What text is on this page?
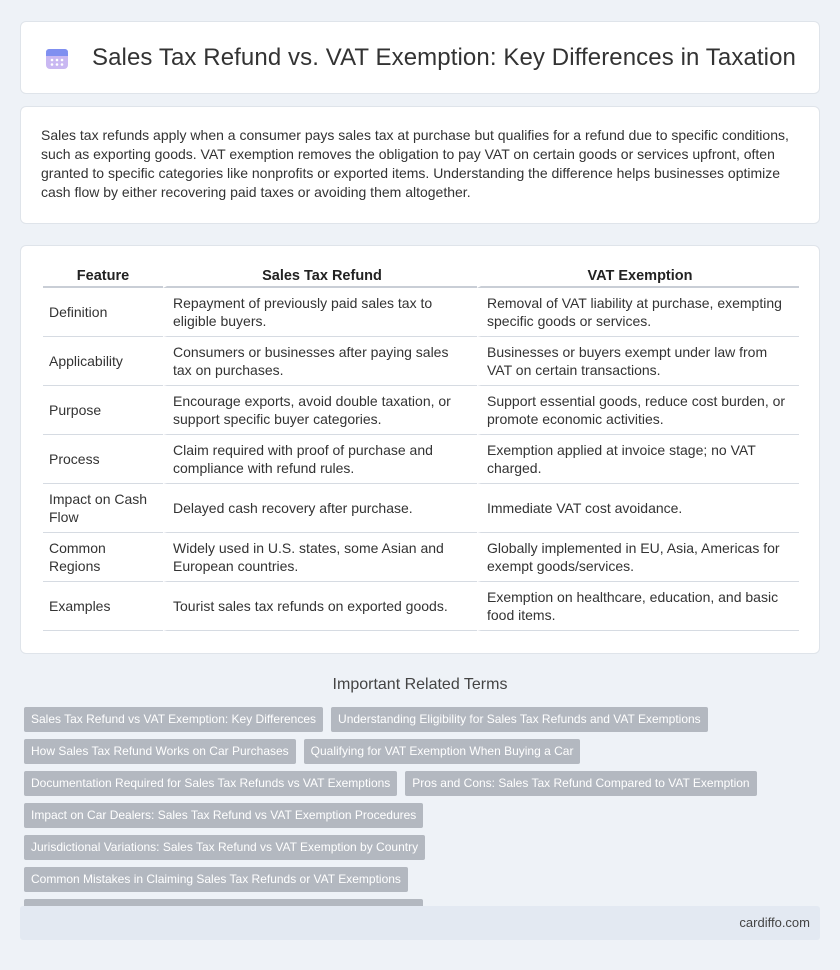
Sales Tax Refund vs. VAT Exemption: Key Differences in Taxation

Sales tax refunds apply when a consumer pays sales tax at purchase but qualifies for a refund due to specific conditions, such as exporting goods. VAT exemption removes the obligation to pay VAT on certain goods or services upfront, often granted to specific categories like nonprofits or exported items. Understanding the difference helps businesses optimize cash flow by either recovering paid taxes or avoiding them altogether.

Feature	Sales Tax Refund	VAT Exemption
Definition	Repayment of previously paid sales tax to eligible buyers.	Removal of VAT liability at purchase, exempting specific goods or services.
Applicability	Consumers or businesses after paying sales tax on purchases.	Businesses or buyers exempt under law from VAT on certain transactions.
Purpose	Encourage exports, avoid double taxation, or support specific buyer categories.	Support essential goods, reduce cost burden, or promote economic activities.
Process	Claim required with proof of purchase and compliance with refund rules.	Exemption applied at invoice stage; no VAT charged.
Impact on Cash Flow	Delayed cash recovery after purchase.	Immediate VAT cost avoidance.
Common Regions	Widely used in U.S. states, some Asian and European countries.	Globally implemented in EU, Asia, Americas for exempt goods/services.
Examples	Tourist sales tax refunds on exported goods.	Exemption on healthcare, education, and basic food items.
Important Related Terms
Sales Tax Refund vs VAT Exemption: Key Differences	Understanding Eligibility for Sales Tax Refunds and VAT Exemptions
How Sales Tax Refund Works on Car Purchases	Qualifying for VAT Exemption When Buying a Car
Documentation Required for Sales Tax Refunds vs VAT Exemptions	Pros and Cons: Sales Tax Refund Compared to VAT Exemption
Impact on Car Dealers: Sales Tax Refund vs VAT Exemption Procedures
Jurisdictional Variations: Sales Tax Refund vs VAT Exemption by Country
Common Mistakes in Claiming Sales Tax Refunds or VAT Exemptions
cardiffo.com
